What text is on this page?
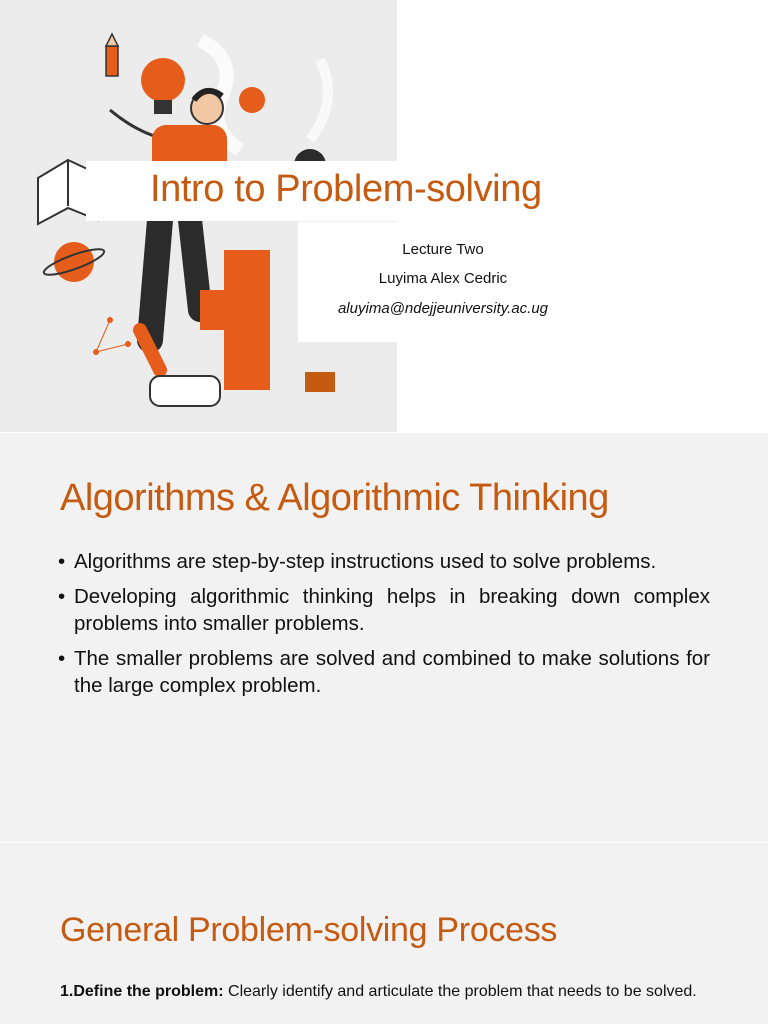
Intro to Problem-solving
Lecture Two
Luyima Alex Cedric
aluyima@ndejjeuniversity.ac.ug
Algorithms & Algorithmic Thinking
• Algorithms are step-by-step instructions used to solve problems.
• Developing algorithmic thinking helps in breaking down complex problems into smaller problems.
• The smaller problems are solved and combined to make solutions for the large complex problem.
General Problem-solving Process
1.Define the problem: Clearly identify and articulate the problem that needs to be solved.
